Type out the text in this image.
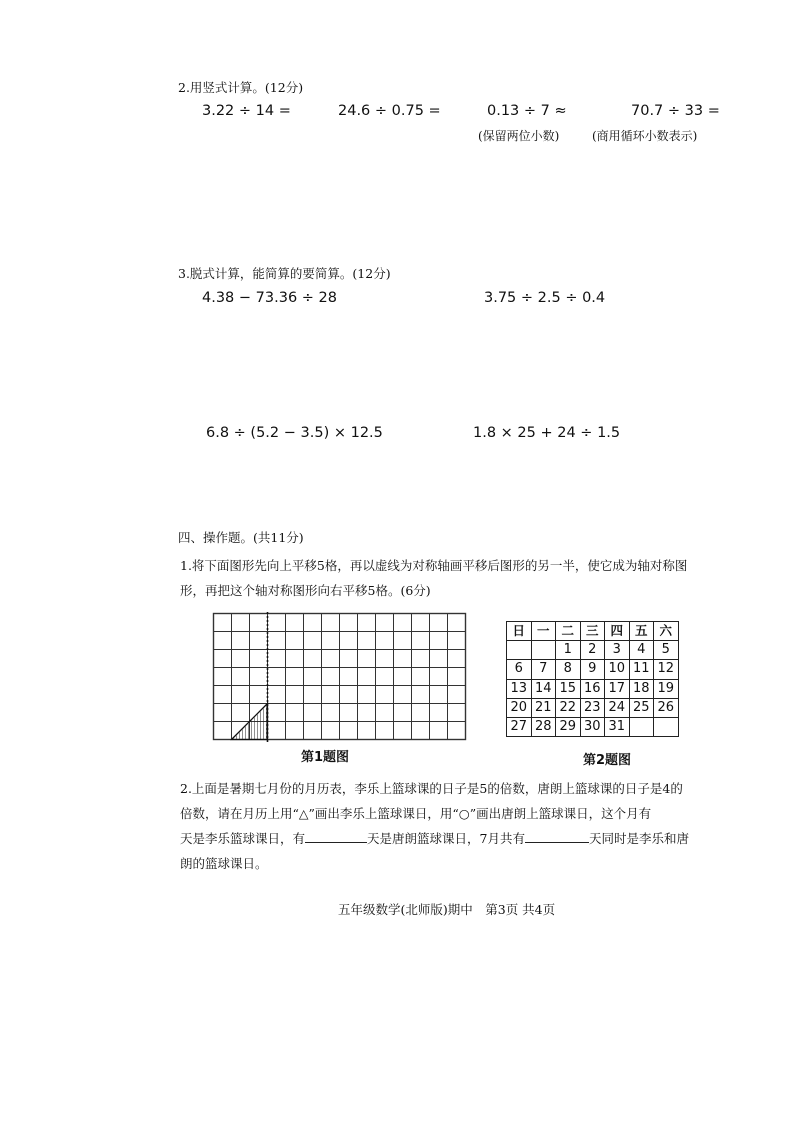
2.用竖式计算。(12分)
3.22 ÷ 14 =	24.6 ÷ 0.75 =	0.13 ÷ 7 ≈	70.7 ÷ 33 =
(保留两位小数)	(商用循环小数表示)
3.脱式计算，能简算的要简算。(12分)
4.38 − 73.36 ÷ 28	3.75 ÷ 2.5 ÷ 0.4
6.8 ÷ (5.2 − 3.5) × 12.5	1.8 × 25 + 24 ÷ 1.5
四、操作题。(共11分)
1.将下面图形先向上平移5格，再以虚线为对称轴画平移后图形的另一半，使它成为轴对称图
形，再把这个轴对称图形向右平移5格。(6分)
第1题图
日	一	二	三	四	五	六
		1	2	3	4	5
6	7	8	9	10	11	12
13	14	15	16	17	18	19
20	21	22	23	24	25	26
27	28	29	30	31		
第2题图
2.上面是暑期七月份的月历表，李乐上篮球课的日子是5的倍数，唐朗上篮球课的日子是4的
倍数，请在月历上用“△”画出李乐上篮球课日，用“○”画出唐朗上篮球课日，这个月有
天是李乐篮球课日，有	天是唐朗篮球课日，7月共有	天同时是李乐和唐
朗的篮球课日。
五年级数学(北师版)期中　第3页 共4页
